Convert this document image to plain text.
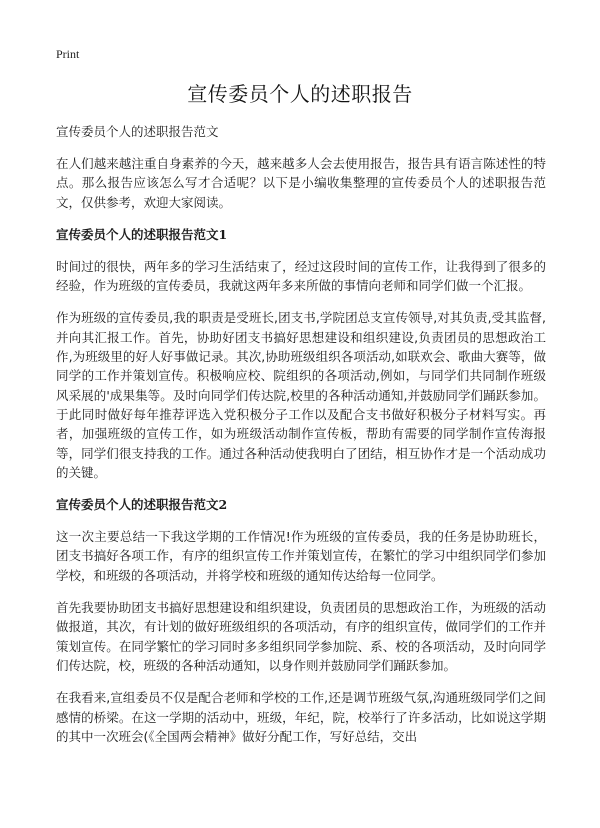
Print
宣传委员个人的述职报告
宣传委员个人的述职报告范文

在人们越来越注重自身素养的今天，越来越多人会去使用报告，报告具有语言陈述性的特点。那么报告应该怎么写才合适呢？以下是小编收集整理的宣传委员个人的述职报告范文，仅供参考，欢迎大家阅读。

宣传委员个人的述职报告范文1

时间过的很快，两年多的学习生活结束了，经过这段时间的宣传工作，让我得到了很多的经验，作为班级的宣传委员，我就这两年多来所做的事情向老师和同学们做一个汇报。

作为班级的宣传委员,我的职责是受班长,团支书,学院团总支宣传领导,对其负责,受其监督,并向其汇报工作。首先，协助好团支书搞好思想建设和组织建设,负责团员的思想政治工作,为班级里的好人好事做记录。其次,协助班级组织各项活动,如联欢会、歌曲大赛等，做同学的工作并策划宣传。积极响应校、院组织的各项活动,例如，与同学们共同制作班级风采展的'成果集等。及时向同学们传达院,校里的各种活动通知,并鼓励同学们踊跃参加。于此同时做好每年推荐评选入党积极分子工作以及配合支书做好积极分子材料写实。再者，加强班级的宣传工作，如为班级活动制作宣传板，帮助有需要的同学制作宣传海报等，同学们很支持我的工作。通过各种活动使我明白了团结，相互协作才是一个活动成功的关键。

宣传委员个人的述职报告范文2

这一次主要总结一下我这学期的工作情况!作为班级的宣传委员，我的任务是协助班长，团支书搞好各项工作，有序的组织宣传工作并策划宣传，在繁忙的学习中组织同学们参加学校，和班级的各项活动，并将学校和班级的通知传达给每一位同学。

首先我要协助团支书搞好思想建设和组织建设，负责团员的思想政治工作，为班级的活动做报道，其次，有计划的做好班级组织的各项活动，有序的组织宣传，做同学们的工作并策划宣传。在同学繁忙的学习同时多多组织同学参加院、系、校的各项活动，及时向同学们传达院，校，班级的各种活动通知，以身作则并鼓励同学们踊跃参加。

在我看来,宣组委员不仅是配合老师和学校的工作,还是调节班级气氛,沟通班级同学们之间感情的桥梁。在这一学期的活动中，班级，年纪，院，校举行了许多活动，比如说这学期的其中一次班会(《全国两会精神》做好分配工作，写好总结，交出
